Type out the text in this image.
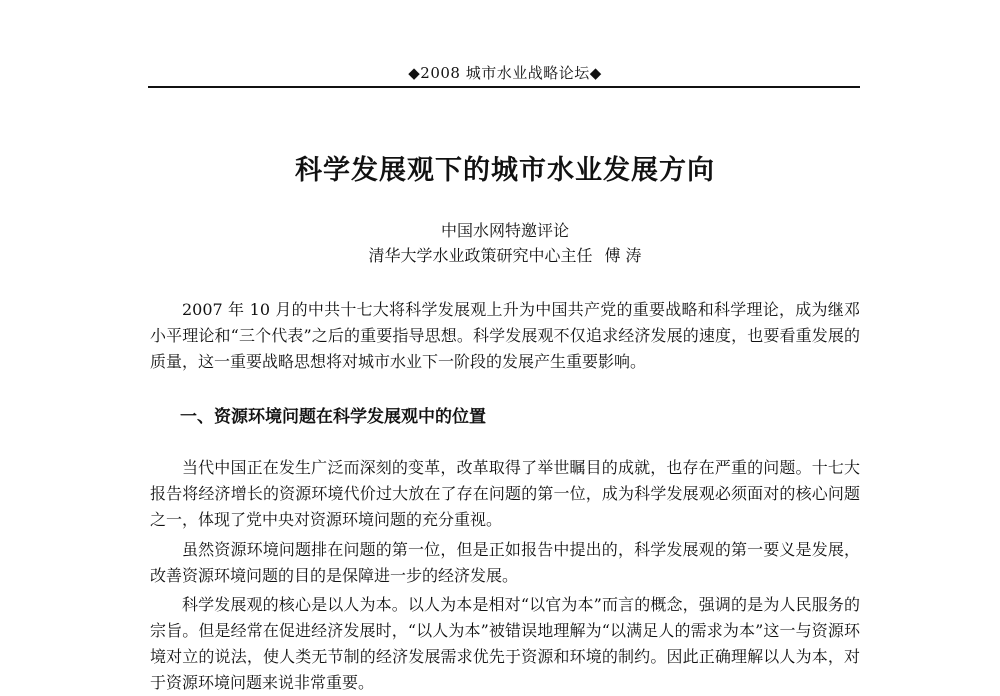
◆2008 城市水业战略论坛◆
科学发展观下的城市水业发展方向
中国水网特邀评论
清华大学水业政策研究中心主任 傅 涛

2007 年 10 月的中共十七大将科学发展观上升为中国共产党的重要战略和科学理论，成为继邓小平理论和“三个代表”之后的重要指导思想。科学发展观不仅追求经济发展的速度，也要看重发展的质量，这一重要战略思想将对城市水业下一阶段的发展产生重要影响。

一、资源环境问题在科学发展观中的位置

当代中国正在发生广泛而深刻的变革，改革取得了举世瞩目的成就，也存在严重的问题。十七大报告将经济增长的资源环境代价过大放在了存在问题的第一位，成为科学发展观必须面对的核心问题之一，体现了党中央对资源环境问题的充分重视。

虽然资源环境问题排在问题的第一位，但是正如报告中提出的，科学发展观的第一要义是发展，改善资源环境问题的目的是保障进一步的经济发展。

科学发展观的核心是以人为本。以人为本是相对“以官为本”而言的概念，强调的是为人民服务的宗旨。但是经常在促进经济发展时，“以人为本”被错误地理解为“以满足人的需求为本”这一与资源环境对立的说法，使人类无节制的经济发展需求优先于资源和环境的制约。因此正确理解以人为本，对于资源环境问题来说非常重要。
